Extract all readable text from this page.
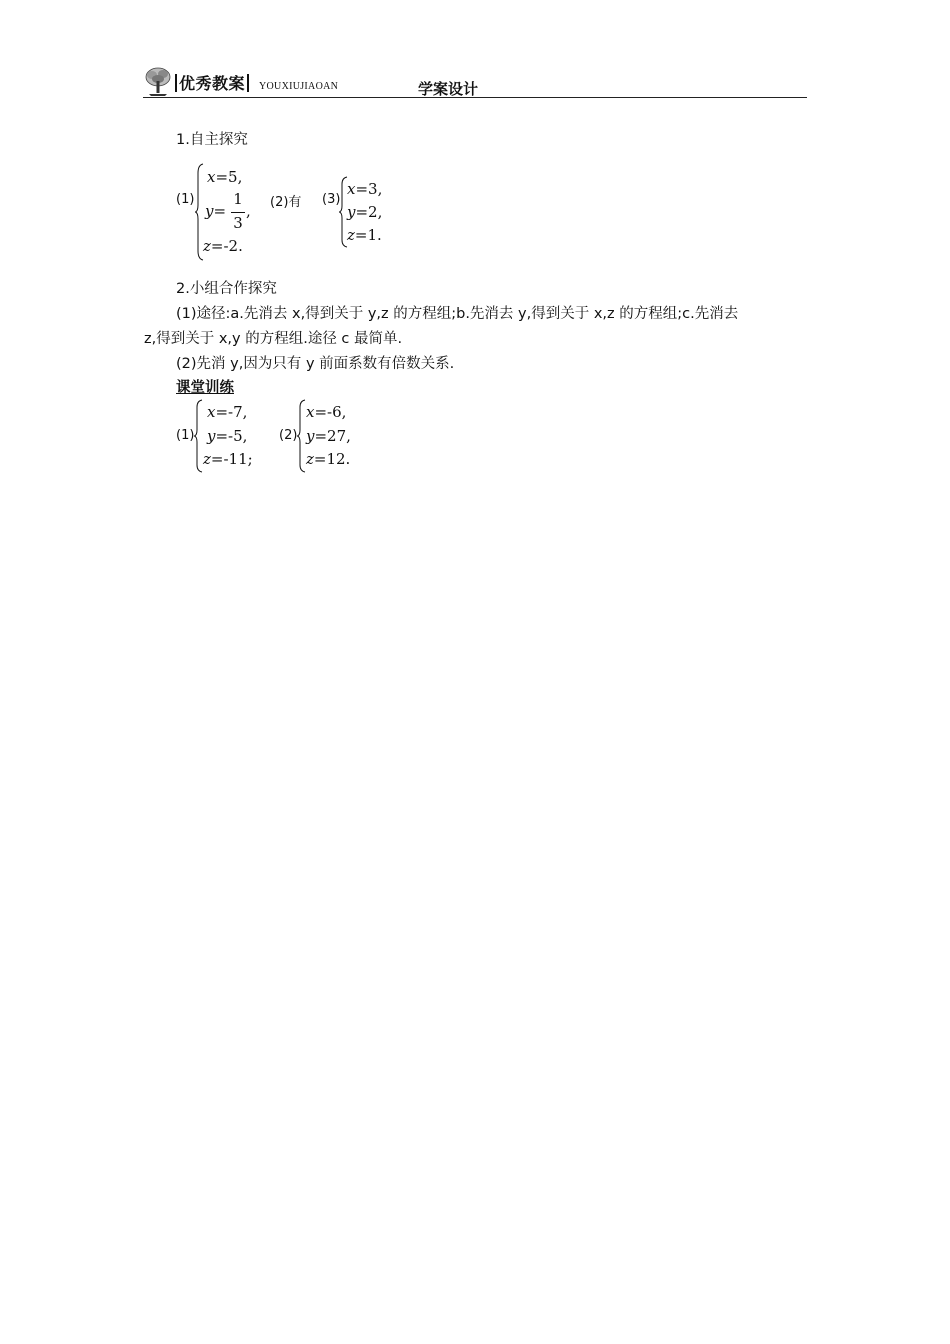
优秀教案	YOUXIUJIAOAN	学案设计
1.自主探究
(1)
x=5,
y=
1
3
,
z=-2.
(2)有 (3)
x=3,
y=2,
z=1.
2.小组合作探究
(1)途径:a.先消去 x,得到关于 y,z 的方程组;b.先消去 y,得到关于 x,z 的方程组;c.先消去
z,得到关于 x,y 的方程组.途径 c 最简单.
(2)先消 y,因为只有 y 前面系数有倍数关系.
课堂训练
(1)
x=-7,
y=-5,
z=-11;
(2)
x=-6,
y=27,
z=12.
